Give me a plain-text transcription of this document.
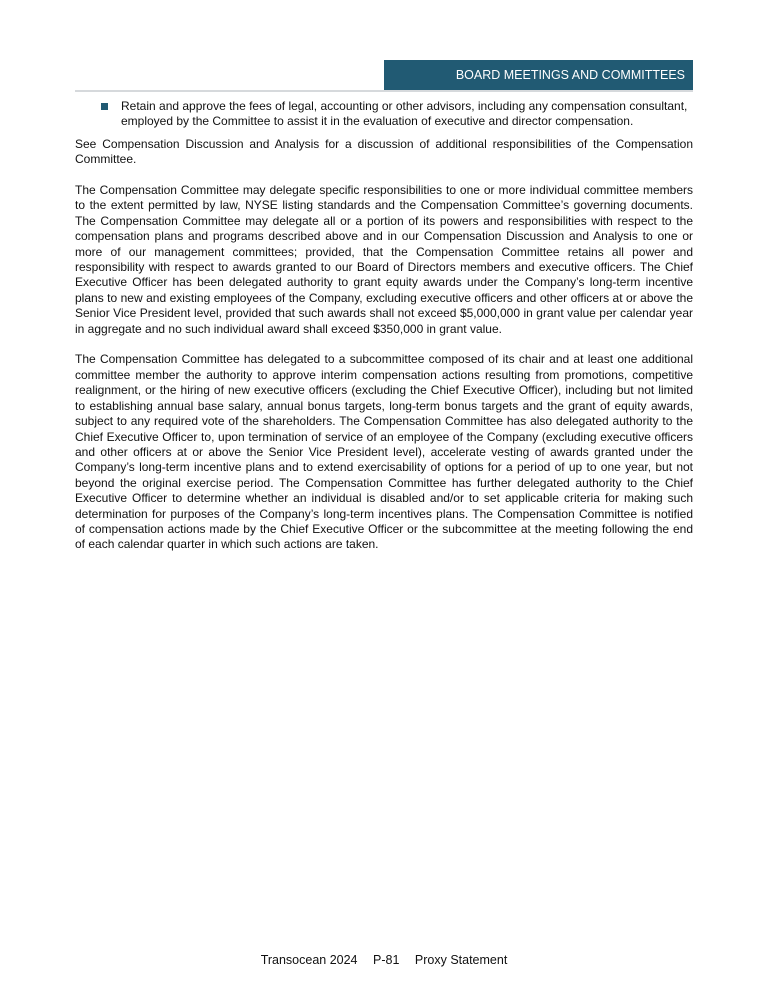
BOARD MEETINGS AND COMMITTEES

Retain and approve the fees of legal, accounting or other advisors, including any compensation consultant, employed by the Committee to assist it in the evaluation of executive and director compensation.

See Compensation Discussion and Analysis for a discussion of additional responsibilities of the Compensation Committee.

The Compensation Committee may delegate specific responsibilities to one or more individual committee members to the extent permitted by law, NYSE listing standards and the Compensation Committee’s governing documents. The Compensation Committee may delegate all or a portion of its powers and responsibilities with respect to the compensation plans and programs described above and in our Compensation Discussion and Analysis to one or more of our management committees; provided, that the Compensation Committee retains all power and responsibility with respect to awards granted to our Board of Directors members and executive officers. The Chief Executive Officer has been delegated authority to grant equity awards under the Company’s long-term incentive plans to new and existing employees of the Company, excluding executive officers and other officers at or above the Senior Vice President level, provided that such awards shall not exceed $5,000,000 in grant value per calendar year in aggregate and no such individual award shall exceed $350,000 in grant value.

The Compensation Committee has delegated to a subcommittee composed of its chair and at least one additional committee member the authority to approve interim compensation actions resulting from promotions, competitive realignment, or the hiring of new executive officers (excluding the Chief Executive Officer), including but not limited to establishing annual base salary, annual bonus targets, long-term bonus targets and the grant of equity awards, subject to any required vote of the shareholders. The Compensation Committee has also delegated authority to the Chief Executive Officer to, upon termination of service of an employee of the Company (excluding executive officers and other officers at or above the Senior Vice President level), accelerate vesting of awards granted under the Company’s long-term incentive plans and to extend exercisability of options for a period of up to one year, but not beyond the original exercise period. The Compensation Committee has further delegated authority to the Chief Executive Officer to determine whether an individual is disabled and/or to set applicable criteria for making such determination for purposes of the Company’s long-term incentives plans. The Compensation Committee is notified of compensation actions made by the Chief Executive Officer or the subcommittee at the meeting following the end of each calendar quarter in which such actions are taken.

Transocean 2024 P-81 Proxy Statement
